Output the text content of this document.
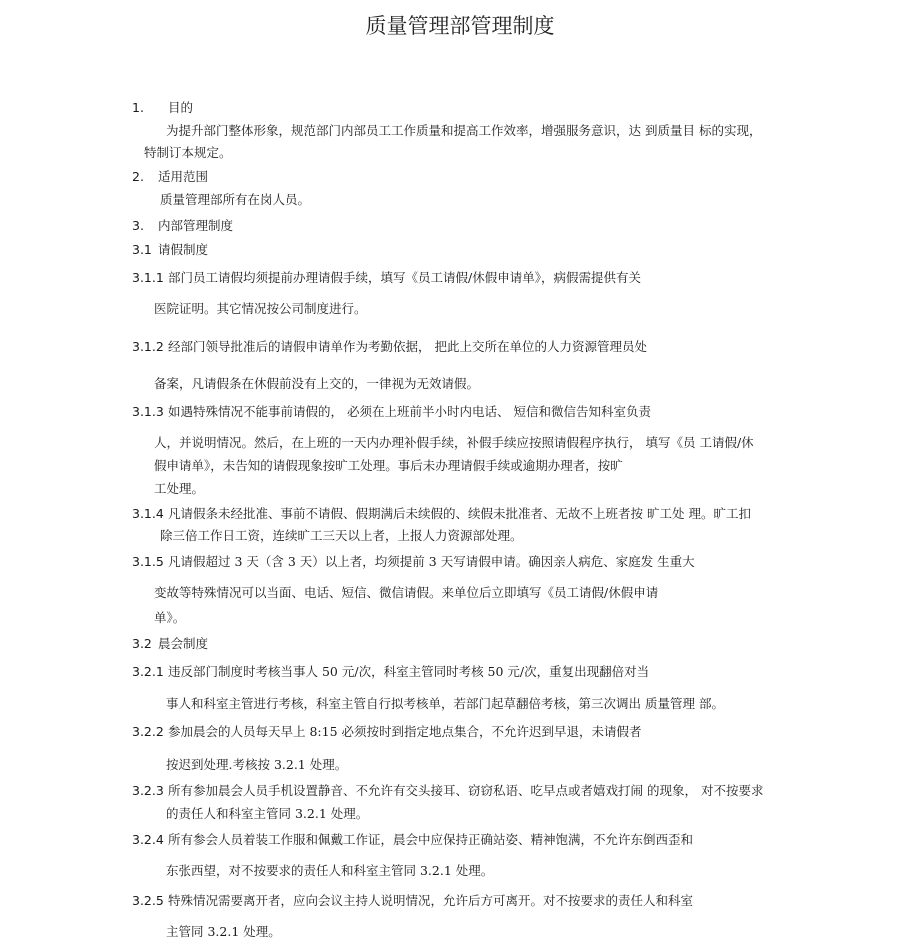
质量管理部管理制度
1. 目的
为提升部门整体形象，规范部门内部员工工作质量和提高工作效率，增强服务意识，达 到质量目 标的实现，
特制订本规定。
2. 适用范围
质量管理部所有在岗人员。
3. 内部管理制度
3.1 请假制度
3.1.1 部门员工请假均须提前办理请假手续，填写《员工请假/休假申请单》，病假需提供有关
医院证明。其它情况按公司制度进行。
3.1.2 经部门领导批准后的请假申请单作为考勤依据， 把此上交所在单位的人力资源管理员处
备案，凡请假条在休假前没有上交的，一律视为无效请假。
3.1.3 如遇特殊情况不能事前请假的， 必须在上班前半小时内电话、 短信和微信告知科室负责
人，并说明情况。然后，在上班的一天内办理补假手续，补假手续应按照请假程序执行， 填写《员 工请假/休
假申请单》，未告知的请假现象按旷工处理。事后未办理请假手续或逾期办理者，按旷
工处理。
3.1.4 凡请假条未经批准、事前不请假、假期满后未续假的、续假未批准者、无故不上班者按 旷工处 理。旷工扣
除三倍工作日工资，连续旷工三天以上者，上报人力资源部处理。
3.1.5 凡请假超过 3 天（含 3 天）以上者，均须提前 3 天写请假申请。确因亲人病危、家庭发 生重大
变故等特殊情况可以当面、电话、短信、微信请假。来单位后立即填写《员工请假/休假申请
单》。
3.2 晨会制度
3.2.1 违反部门制度时考核当事人 50 元/次，科室主管同时考核 50 元/次，重复出现翻倍对当
事人和科室主管进行考核，科室主管自行拟考核单，若部门起草翻倍考核，第三次调出 质量管理 部。
3.2.2 参加晨会的人员每天早上 8:15 必须按时到指定地点集合，不允许迟到早退，未请假者
按迟到处理.考核按 3.2.1 处理。
3.2.3 所有参加晨会人员手机设置静音、不允许有交头接耳、窃窃私语、吃早点或者嬉戏打闹 的现象， 对不按要求
的责任人和科室主管同 3.2.1 处理。
3.2.4 所有参会人员着装工作服和佩戴工作证，晨会中应保持正确站姿、精神饱满，不允许东倒西歪和
东张西望，对不按要求的责任人和科室主管同 3.2.1 处理。
3.2.5 特殊情况需要离开者，应向会议主持人说明情况，允许后方可离开。对不按要求的责任人和科室
主管同 3.2.1 处理。
